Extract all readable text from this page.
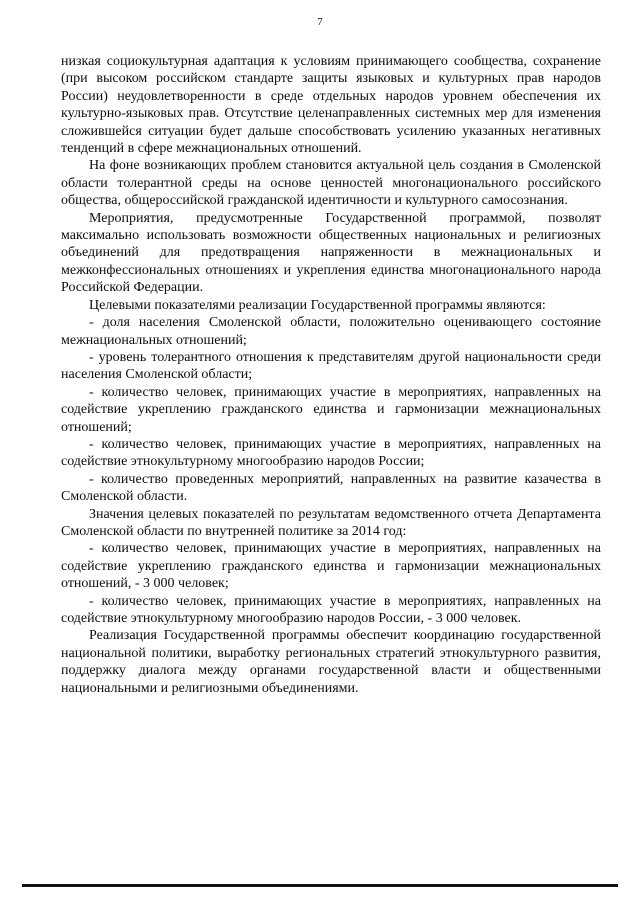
7

низкая социокультурная адаптация к условиям принимающего сообщества, сохранение (при высоком российском стандарте защиты языковых и культурных прав народов России) неудовлетворенности в среде отдельных народов уровнем обеспечения их культурно-языковых прав. Отсутствие целенаправленных системных мер для изменения сложившейся ситуации будет дальше способствовать усилению указанных негативных тенденций в сфере межнациональных отношений.

На фоне возникающих проблем становится актуальной цель создания в Смоленской области толерантной среды на основе ценностей многонационального российского общества, общероссийской гражданской идентичности и культурного самосознания.

Мероприятия, предусмотренные Государственной программой, позволят максимально использовать возможности общественных национальных и религиозных объединений для предотвращения напряженности в межнациональных и межконфессиональных отношениях и укрепления единства многонационального народа Российской Федерации.

Целевыми показателями реализации Государственной программы являются:

- доля населения Смоленской области, положительно оценивающего состояние межнациональных отношений;

- уровень толерантного отношения к представителям другой национальности среди населения Смоленской области;

- количество человек, принимающих участие в мероприятиях, направленных на содействие укреплению гражданского единства и гармонизации межнациональных отношений;

- количество человек, принимающих участие в мероприятиях, направленных на содействие этнокультурному многообразию народов России;

- количество проведенных мероприятий, направленных на развитие казачества в Смоленской области.

Значения целевых показателей по результатам ведомственного отчета Департамента Смоленской области по внутренней политике за 2014 год:

- количество человек, принимающих участие в мероприятиях, направленных на содействие укреплению гражданского единства и гармонизации межнациональных отношений, - 3 000 человек;

- количество человек, принимающих участие в мероприятиях, направленных на содействие этнокультурному многообразию народов России, - 3 000 человек.

Реализация Государственной программы обеспечит координацию государственной национальной политики, выработку региональных стратегий этнокультурного развития, поддержку диалога между органами государственной власти и общественными национальными и религиозными объединениями.
